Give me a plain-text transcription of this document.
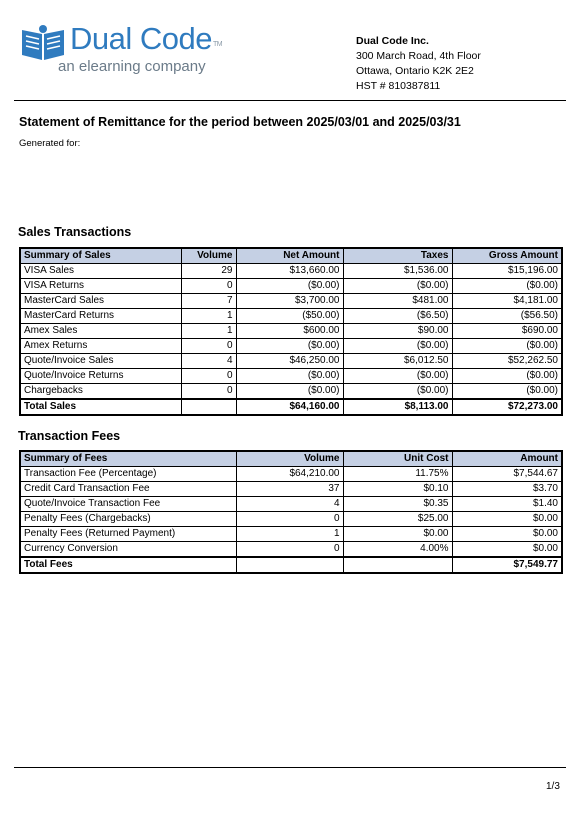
Dual Code™
an elearning company
Dual Code Inc.
300 March Road, 4th Floor
Ottawa, Ontario K2K 2E2
HST # 810387811
Statement of Remittance for the period between 2025/03/01 and 2025/03/31
Generated for:
Sales Transactions
Summary of Sales	Volume	Net Amount	Taxes	Gross Amount
VISA Sales	29	$13,660.00	$1,536.00	$15,196.00
VISA Returns	0	($0.00)	($0.00)	($0.00)
MasterCard Sales	7	$3,700.00	$481.00	$4,181.00
MasterCard Returns	1	($50.00)	($6.50)	($56.50)
Amex Sales	1	$600.00	$90.00	$690.00
Amex Returns	0	($0.00)	($0.00)	($0.00)
Quote/Invoice Sales	4	$46,250.00	$6,012.50	$52,262.50
Quote/Invoice Returns	0	($0.00)	($0.00)	($0.00)
Chargebacks	0	($0.00)	($0.00)	($0.00)
Total Sales		$64,160.00	$8,113.00	$72,273.00
Transaction Fees
Summary of Fees	Volume	Unit Cost	Amount
Transaction Fee (Percentage)	$64,210.00	11.75%	$7,544.67
Credit Card Transaction Fee	37	$0.10	$3.70
Quote/Invoice Transaction Fee	4	$0.35	$1.40
Penalty Fees (Chargebacks)	0	$25.00	$0.00
Penalty Fees (Returned Payment)	1	$0.00	$0.00
Currency Conversion	0	4.00%	$0.00
Total Fees			$7,549.77
1/3
